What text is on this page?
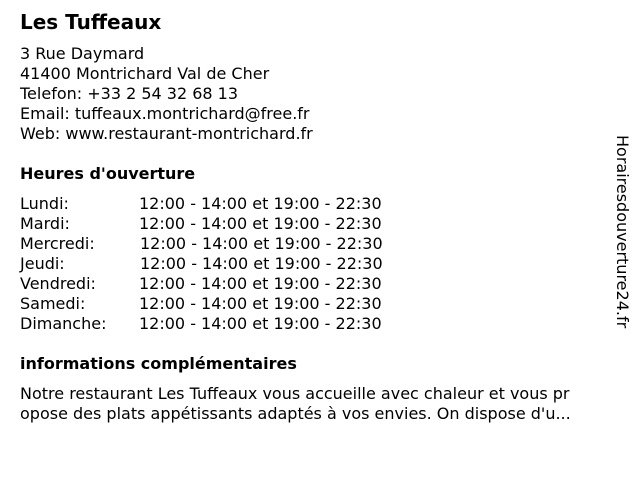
Les Tuffeaux
3 Rue Daymard
41400 Montrichard Val de Cher
Telefon: +33 2 54 32 68 13
Email: tuffeaux.montrichard@free.fr
Web: www.restaurant-montrichard.fr
Heures d'ouverture
Lundi:	12:00 - 14:00 et 19:00 - 22:30
Mardi:	12:00 - 14:00 et 19:00 - 22:30
Mercredi:	12:00 - 14:00 et 19:00 - 22:30
Jeudi:	12:00 - 14:00 et 19:00 - 22:30
Vendredi:	12:00 - 14:00 et 19:00 - 22:30
Samedi:	12:00 - 14:00 et 19:00 - 22:30
Dimanche: 12:00 - 14:00 et 19:00 - 22:30
informations complémentaires
Notre restaurant Les Tuffeaux vous accueille avec chaleur et vous pr
opose des plats appétissants adaptés à vos envies. On dispose d'u...
Horairesdouverture24.fr
